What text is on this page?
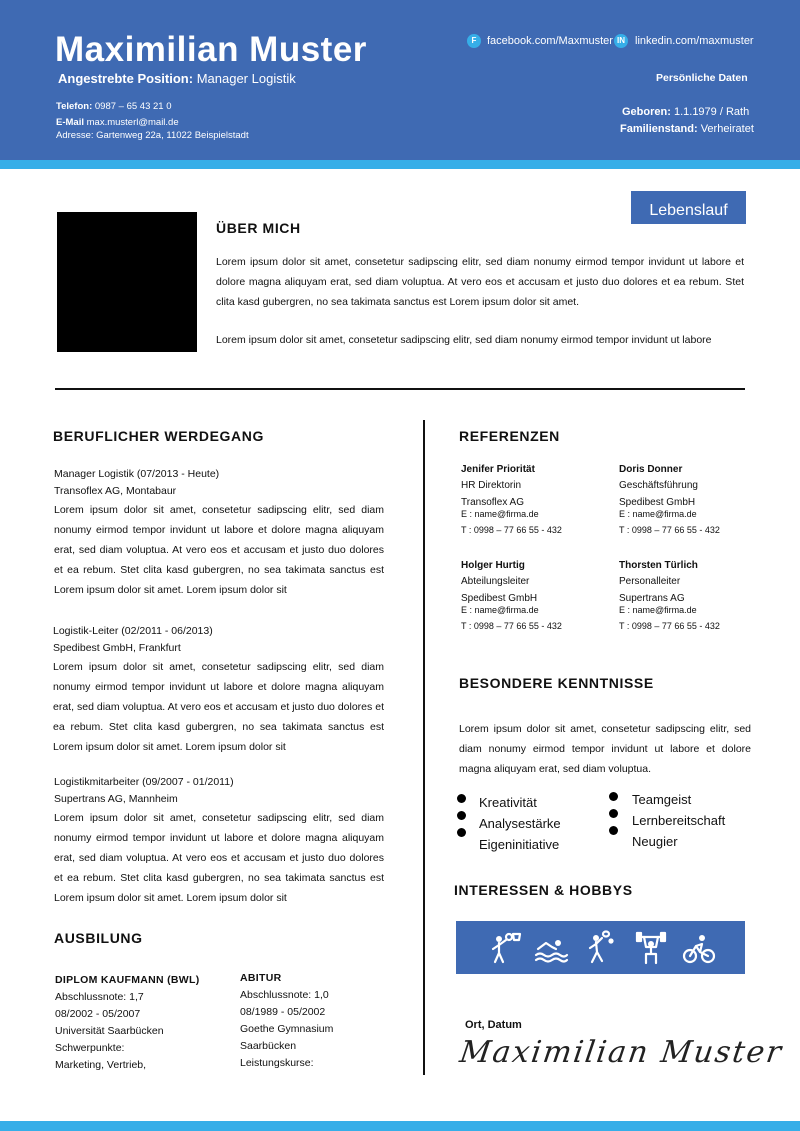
Maximilian Muster
Angestrebte Position: Manager Logistik
Telefon: 0987 – 65 43 21 0
E-Mail max.musterl@mail.de
Adresse: Gartenweg 22a, 11022 Beispielstadt
F facebook.com/Maxmuster IN linkedin.com/maxmuster
Persönliche Daten
Geboren: 1.1.1979 / Rath
Familienstand: Verheiratet
Lebenslauf
ÜBER MICH
Lorem ipsum dolor sit amet, consetetur sadipscing elitr, sed diam nonumy eirmod tempor invidunt ut labore et dolore magna aliquyam erat, sed diam voluptua. At vero eos et accusam et justo duo dolores et ea rebum. Stet clita kasd gubergren, no sea takimata sanctus est Lorem ipsum dolor sit amet.
Lorem ipsum dolor sit amet, consetetur sadipscing elitr, sed diam nonumy eirmod tempor invidunt ut labore
BERUFLICHER WERDEGANG
Manager Logistik (07/2013 - Heute)
Transoflex AG, Montabaur
Lorem ipsum dolor sit amet, consetetur sadipscing elitr, sed diam nonumy eirmod tempor invidunt ut labore et dolore magna aliquyam erat, sed diam voluptua. At vero eos et accusam et justo duo dolores et ea rebum. Stet clita kasd gubergren, no sea takimata sanctus est Lorem ipsum dolor sit amet. Lorem ipsum dolor sit
Logistik-Leiter (02/2011 - 06/2013)
Spedibest GmbH, Frankfurt
Lorem ipsum dolor sit amet, consetetur sadipscing elitr, sed diam nonumy eirmod tempor invidunt ut labore et dolore magna aliquyam erat, sed diam voluptua. At vero eos et accusam et justo duo dolores et ea rebum. Stet clita kasd gubergren, no sea takimata sanctus est Lorem ipsum dolor sit amet. Lorem ipsum dolor sit
Logistikmitarbeiter (09/2007 - 01/2011)
Supertrans AG, Mannheim
Lorem ipsum dolor sit amet, consetetur sadipscing elitr, sed diam nonumy eirmod tempor invidunt ut labore et dolore magna aliquyam erat, sed diam voluptua. At vero eos et accusam et justo duo dolores et ea rebum. Stet clita kasd gubergren, no sea takimata sanctus est Lorem ipsum dolor sit amet. Lorem ipsum dolor sit
AUSBILUNG
DIPLOM KAUFMANN (BWL)
Abschlussnote: 1,7
08/2002 - 05/2007
Universität Saarbücken
Schwerpunkte:
Marketing, Vertrieb,
ABITUR
Abschlussnote: 1,0
08/1989 - 05/2002
Goethe Gymnasium
Saarbücken
Leistungskurse:
REFERENZEN
Jenifer Priorität
HR Direktorin
Transoflex AG
E : name@firma.de
T : 0998 – 77 66 55 - 432
Doris Donner
Geschäftsführung
Spedibest GmbH
E : name@firma.de
T : 0998 – 77 66 55 - 432
Holger Hurtig
Abteilungsleiter
Spedibest GmbH
E : name@firma.de
T : 0998 – 77 66 55 - 432
Thorsten Türlich
Personalleiter
Supertrans AG
E : name@firma.de
T : 0998 – 77 66 55 - 432
BESONDERE KENNTNISSE
Lorem ipsum dolor sit amet, consetetur sadipscing elitr, sed diam nonumy eirmod tempor invidunt ut labore et dolore magna aliquyam erat, sed diam voluptua.
Kreativität
Analysestärke
Eigeninitiative
Teamgeist
Lernbereitschaft
Neugier
INTERESSEN & HOBBYS
Ort, Datum
Maximilian Muster
